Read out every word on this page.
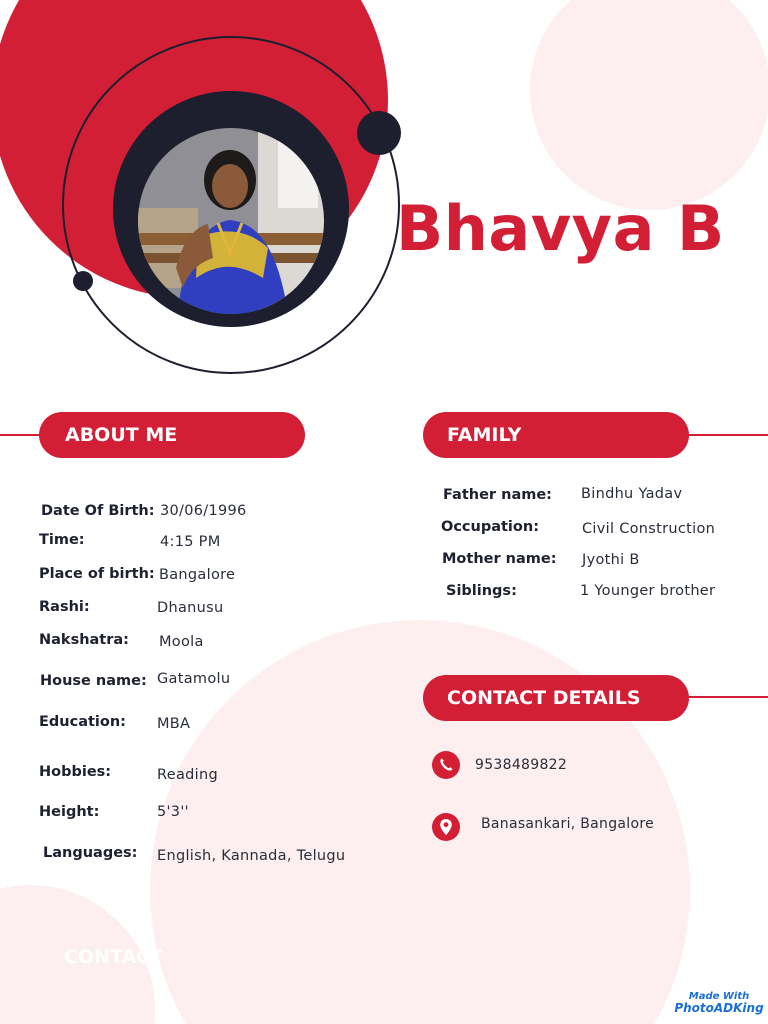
Bhavya B
ABOUT ME	FAMILY
CONTACT DETAILS
Date Of Birth: 30/06/1996
Time:	4:15 PM
Place of birth: Bangalore
Rashi:	Dhanusu
Nakshatra: Moola
House name: Gatamolu
Education: MBA
Hobbies:	Reading
Height:	5'3''
Languages: English, Kannada, Telugu
Father name: Bindhu Yadav
Occupation:	Civil Construction
Mother name: Jyothi B
Siblings:	1 Younger brother
9538489822
Banasankari, Bangalore
CONTACT
Made With
PhotoADKing
